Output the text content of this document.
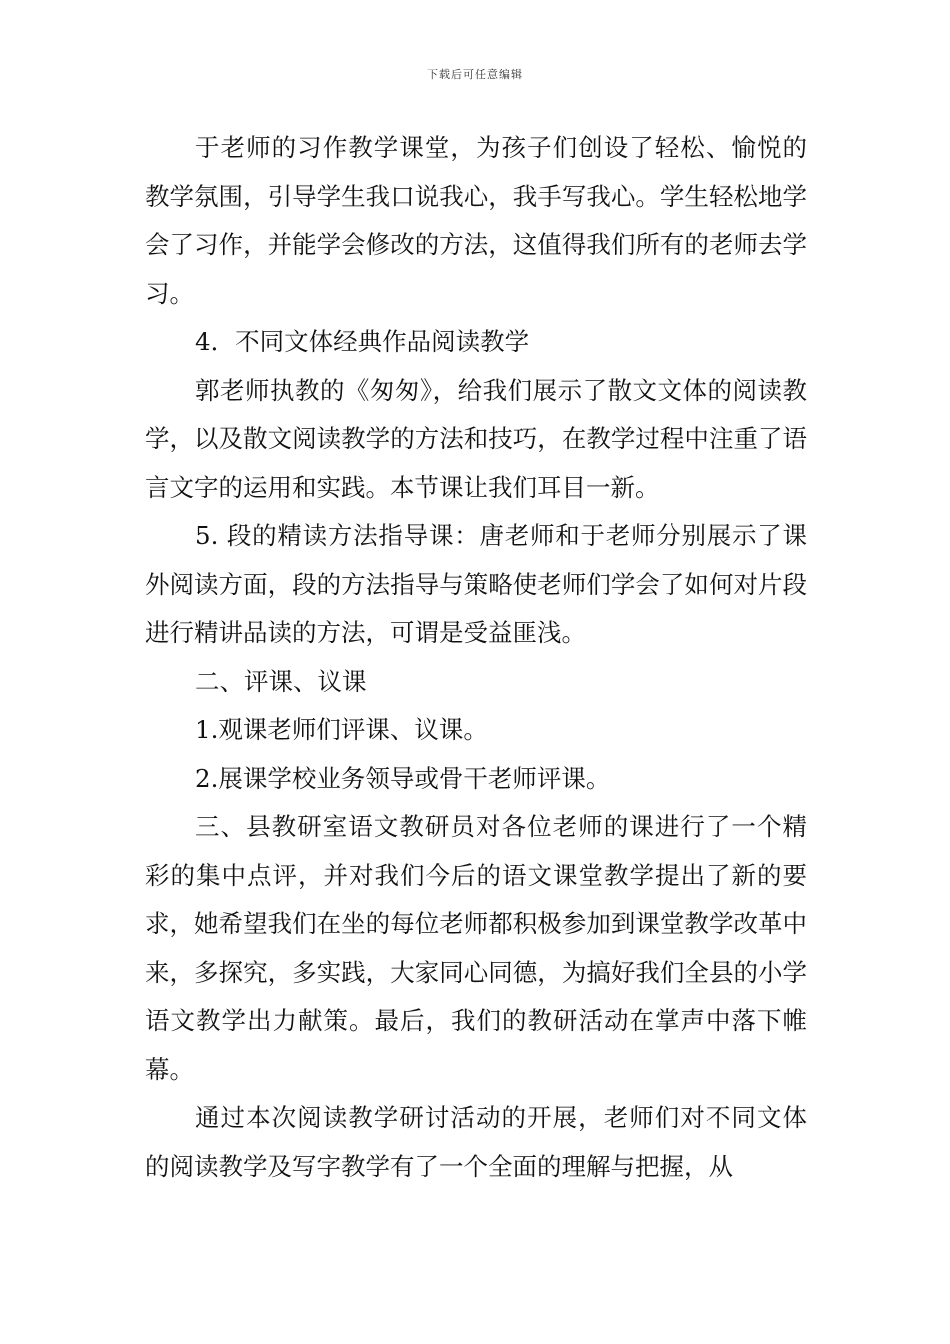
下载后可任意编辑

于老师的习作教学课堂，为孩子们创设了轻松、愉悦的教学氛围，引导学生我口说我心，我手写我心。学生轻松地学会了习作，并能学会修改的方法，这值得我们所有的老师去学习。

4．不同文体经典作品阅读教学

郭老师执教的《匆匆》，给我们展示了散文文体的阅读教学，以及散文阅读教学的方法和技巧，在教学过程中注重了语言文字的运用和实践。本节课让我们耳目一新。

5. 段的精读方法指导课：唐老师和于老师分别展示了课外阅读方面，段的方法指导与策略使老师们学会了如何对片段进行精讲品读的方法，可谓是受益匪浅。

二、评课、议课

1.观课老师们评课、议课。

2.展课学校业务领导或骨干老师评课。

三、县教研室语文教研员对各位老师的课进行了一个精彩的集中点评，并对我们今后的语文课堂教学提出了新的要求，她希望我们在坐的每位老师都积极参加到课堂教学改革中来，多探究，多实践，大家同心同德，为搞好我们全县的小学语文教学出力献策。最后，我们的教研活动在掌声中落下帷幕。

通过本次阅读教学研讨活动的开展，老师们对不同文体的阅读教学及写字教学有了一个全面的理解与把握，从
